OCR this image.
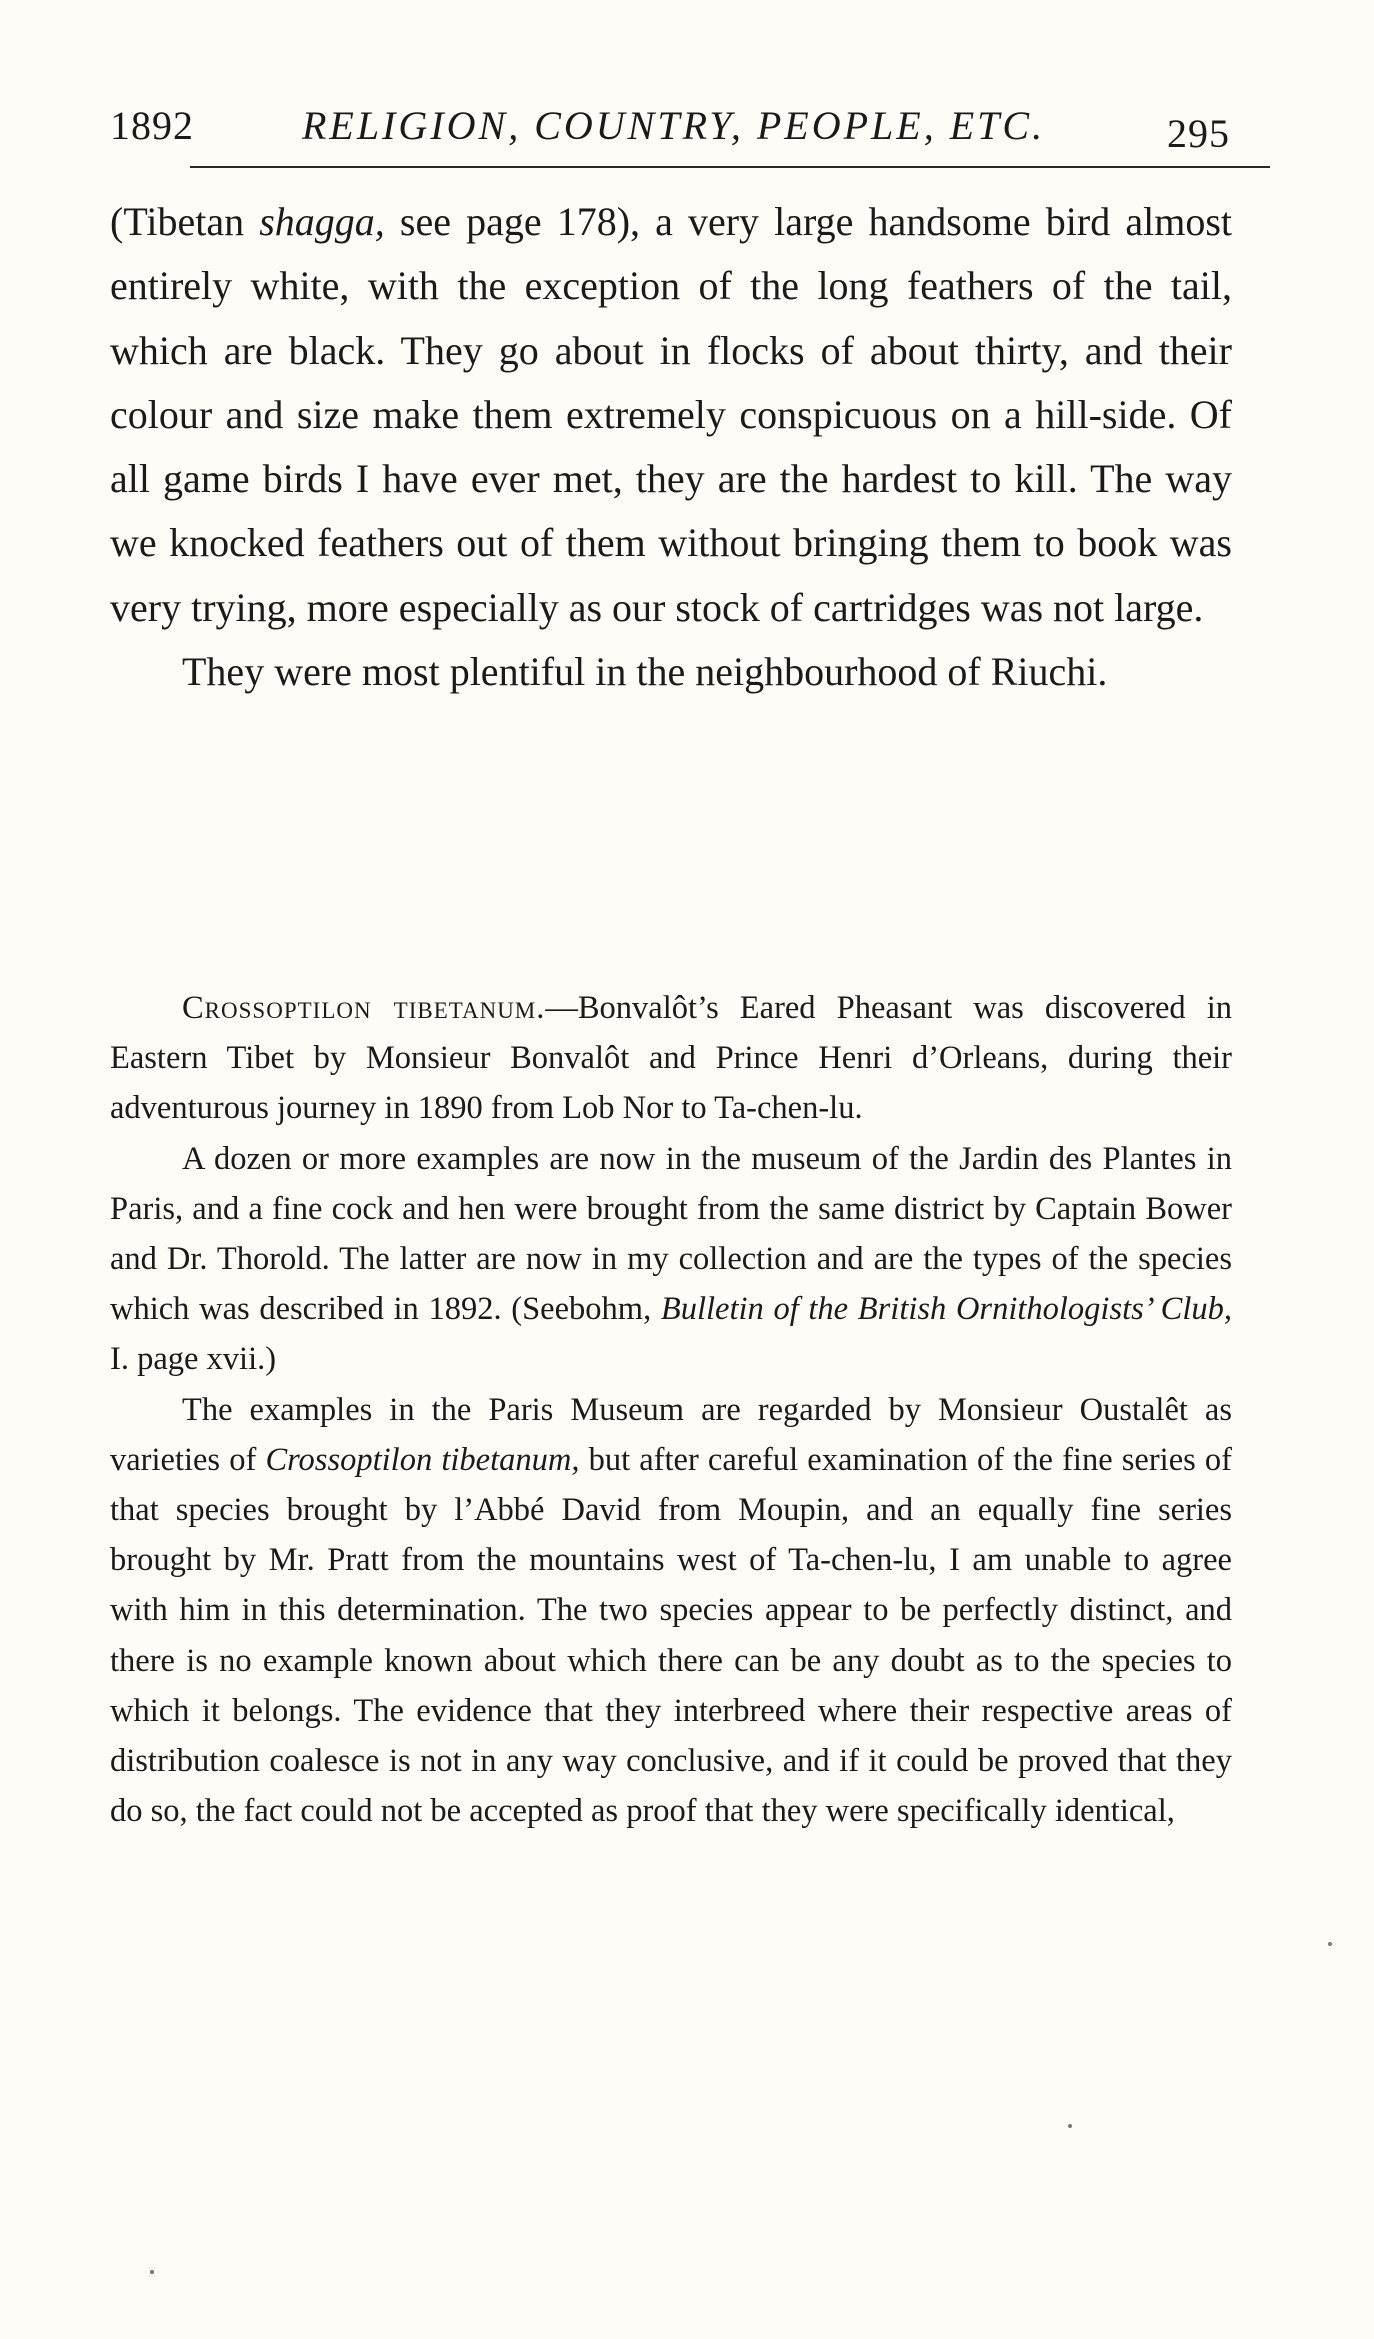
1892	RELIGION, COUNTRY, PEOPLE, ETC.	295

(Tibetan shagga, see page 178), a very large handsome bird almost entirely white, with the exception of the long feathers of the tail, which are black. They go about in flocks of about thirty, and their colour and size make them extremely conspicuous on a hill-side. Of all game birds I have ever met, they are the hardest to kill. The way we knocked feathers out of them without bringing them to book was very trying, more especially as our stock of cartridges was not large.

They were most plentiful in the neighbourhood of Riuchi.

Crossoptilon tibetanum.—Bonvalôt’s Eared Pheasant was discovered in Eastern Tibet by Monsieur Bonvalôt and Prince Henri d’Orleans, during their adventurous journey in 1890 from Lob Nor to Ta-chen-lu.

A dozen or more examples are now in the museum of the Jardin des Plantes in Paris, and a fine cock and hen were brought from the same district by Captain Bower and Dr. Thorold. The latter are now in my collection and are the types of the species which was described in 1892. (Seebohm, Bulletin of the British Ornithologists’ Club, I. page xvii.)

The examples in the Paris Museum are regarded by Monsieur Oustalêt as varieties of Crossoptilon tibetanum, but after careful examination of the fine series of that species brought by l’Abbé David from Moupin, and an equally fine series brought by Mr. Pratt from the mountains west of Ta-chen-lu, I am unable to agree with him in this determination. The two species appear to be perfectly distinct, and there is no example known about which there can be any doubt as to the species to which it belongs. The evidence that they interbreed where their respective areas of distribution coalesce is not in any way conclusive, and if it could be proved that they do so, the fact could not be accepted as proof that they were specifically identical,
